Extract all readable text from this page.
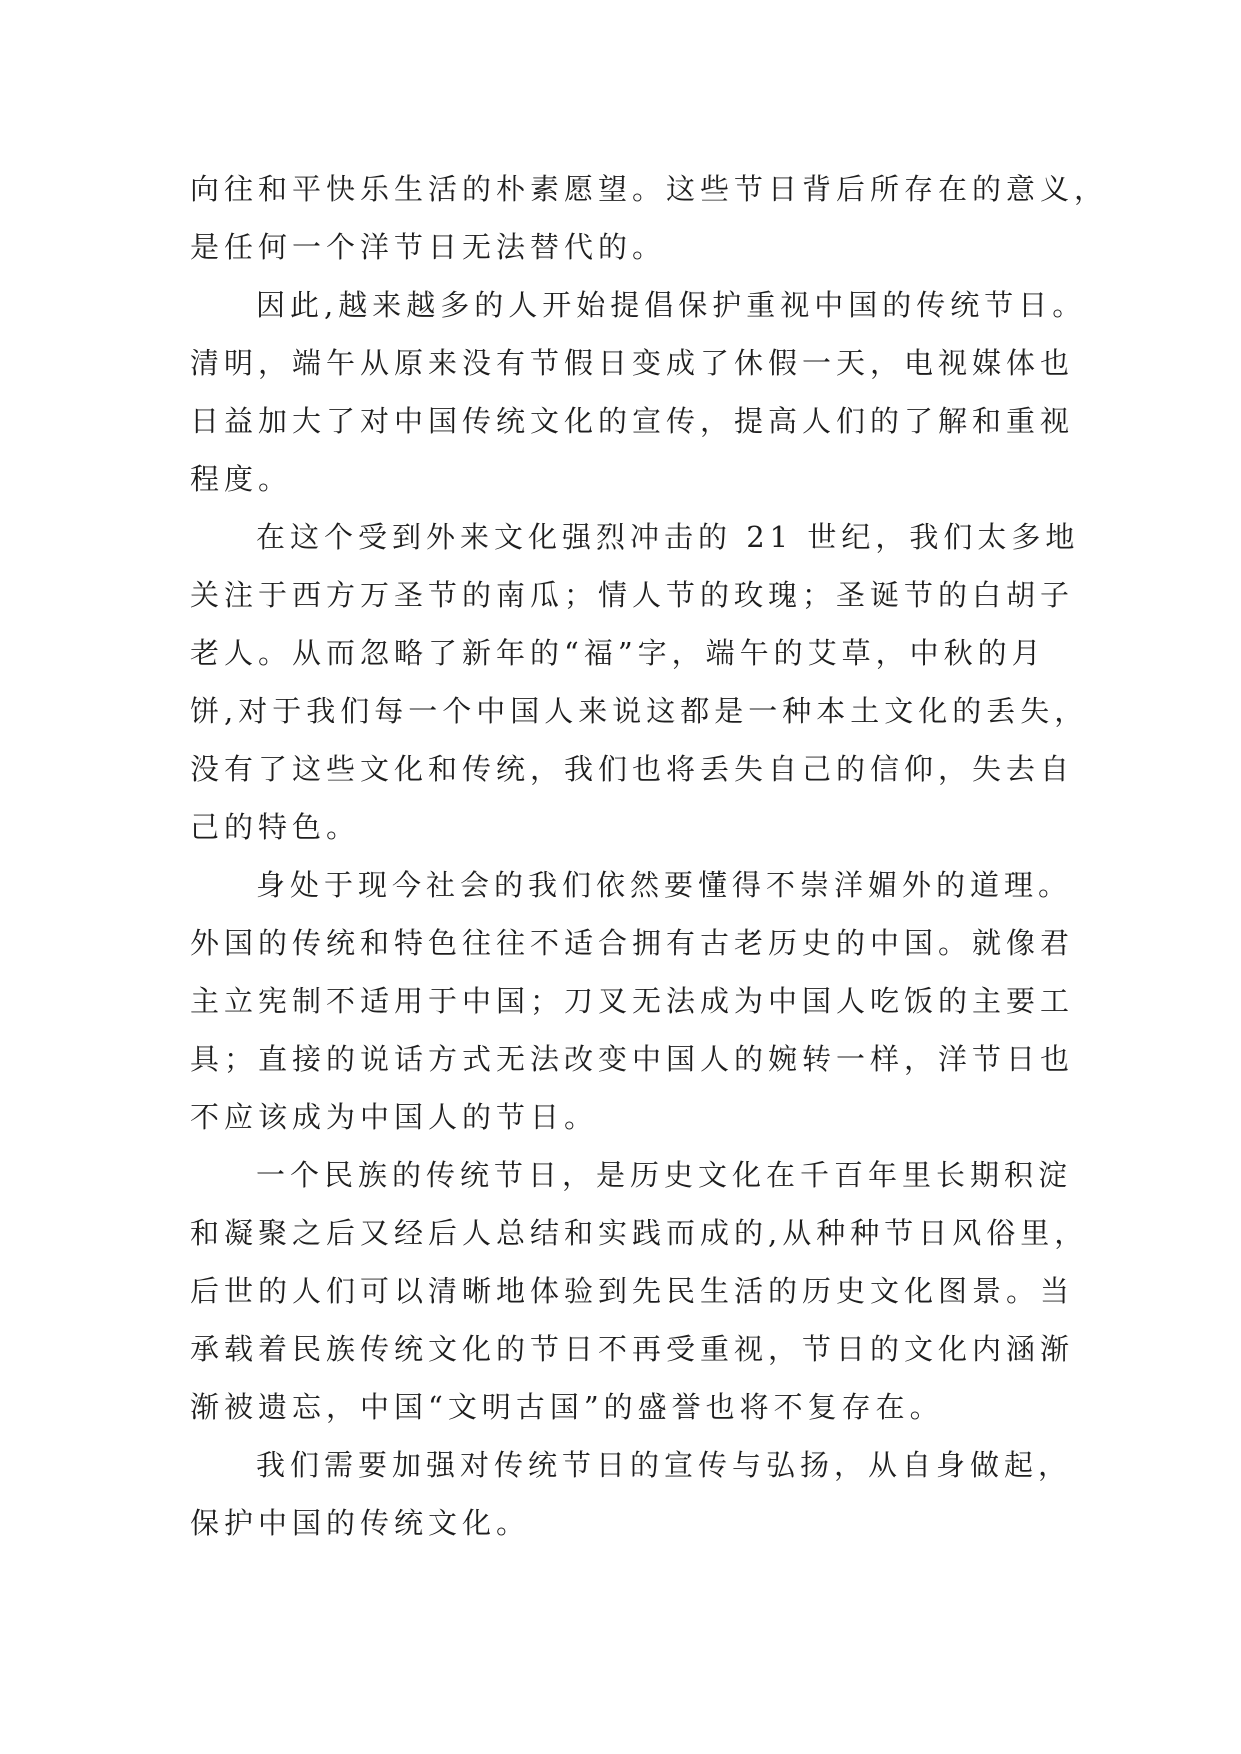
向往和平快乐生活的朴素愿望。这些节日背后所存在的意义，
是任何一个洋节日无法替代的。
因此,越来越多的人开始提倡保护重视中国的传统节日。
清明，端午从原来没有节假日变成了休假一天，电视媒体也
日益加大了对中国传统文化的宣传，提高人们的了解和重视
程度。
在这个受到外来文化强烈冲击的 21 世纪，我们太多地
关注于西方万圣节的南瓜；情人节的玫瑰；圣诞节的白胡子
老人。从而忽略了新年的“福”字，端午的艾草，中秋的月
饼,对于我们每一个中国人来说这都是一种本土文化的丢失，
没有了这些文化和传统，我们也将丢失自己的信仰，失去自
己的特色。
身处于现今社会的我们依然要懂得不崇洋媚外的道理。
外国的传统和特色往往不适合拥有古老历史的中国。就像君
主立宪制不适用于中国；刀叉无法成为中国人吃饭的主要工
具；直接的说话方式无法改变中国人的婉转一样，洋节日也
不应该成为中国人的节日。
一个民族的传统节日，是历史文化在千百年里长期积淀
和凝聚之后又经后人总结和实践而成的,从种种节日风俗里，
后世的人们可以清晰地体验到先民生活的历史文化图景。当
承载着民族传统文化的节日不再受重视，节日的文化内涵渐
渐被遗忘，中国“文明古国”的盛誉也将不复存在。
我们需要加强对传统节日的宣传与弘扬，从自身做起，
保护中国的传统文化。
